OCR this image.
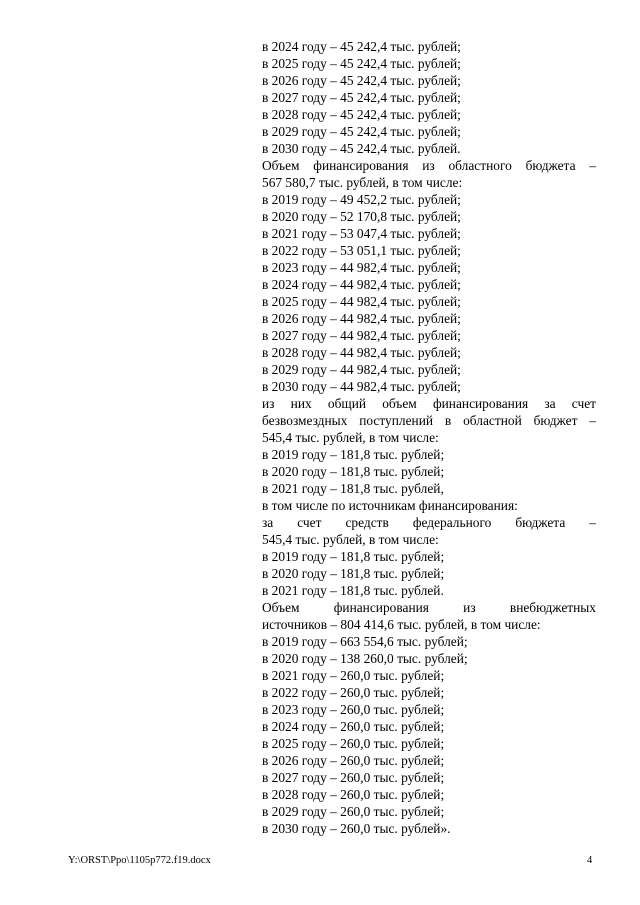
в 2024 году – 45 242,4 тыс. рублей;
в 2025 году – 45 242,4 тыс. рублей;
в 2026 году – 45 242,4 тыс. рублей;
в 2027 году – 45 242,4 тыс. рублей;
в 2028 году – 45 242,4 тыс. рублей;
в 2029 году – 45 242,4 тыс. рублей;
в 2030 году – 45 242,4 тыс. рублей.
Объем финансирования из областного бюджета –
567 580,7 тыс. рублей, в том числе:
в 2019 году – 49 452,2 тыс. рублей;
в 2020 году – 52 170,8 тыс. рублей;
в 2021 году – 53 047,4 тыс. рублей;
в 2022 году – 53 051,1 тыс. рублей;
в 2023 году – 44 982,4 тыс. рублей;
в 2024 году – 44 982,4 тыс. рублей;
в 2025 году – 44 982,4 тыс. рублей;
в 2026 году – 44 982,4 тыс. рублей;
в 2027 году – 44 982,4 тыс. рублей;
в 2028 году – 44 982,4 тыс. рублей;
в 2029 году – 44 982,4 тыс. рублей;
в 2030 году – 44 982,4 тыс. рублей;
из них общий объем финансирования за счет
безвозмездных поступлений в областной бюджет –
545,4 тыс. рублей, в том числе:
в 2019 году – 181,8 тыс. рублей;
в 2020 году – 181,8 тыс. рублей;
в 2021 году – 181,8 тыс. рублей,
в том числе по источникам финансирования:
за счет средств федерального бюджета –
545,4 тыс. рублей, в том числе:
в 2019 году – 181,8 тыс. рублей;
в 2020 году – 181,8 тыс. рублей;
в 2021 году – 181,8 тыс. рублей.
Объем финансирования из внебюджетных
источников – 804 414,6 тыс. рублей, в том числе:
в 2019 году – 663 554,6 тыс. рублей;
в 2020 году – 138 260,0 тыс. рублей;
в 2021 году – 260,0 тыс. рублей;
в 2022 году – 260,0 тыс. рублей;
в 2023 году – 260,0 тыс. рублей;
в 2024 году – 260,0 тыс. рублей;
в 2025 году – 260,0 тыс. рублей;
в 2026 году – 260,0 тыс. рублей;
в 2027 году – 260,0 тыс. рублей;
в 2028 году – 260,0 тыс. рублей;
в 2029 году – 260,0 тыс. рублей;
в 2030 году – 260,0 тыс. рублей».
Y:\ORST\Ppo\1105p772.f19.docx	4
